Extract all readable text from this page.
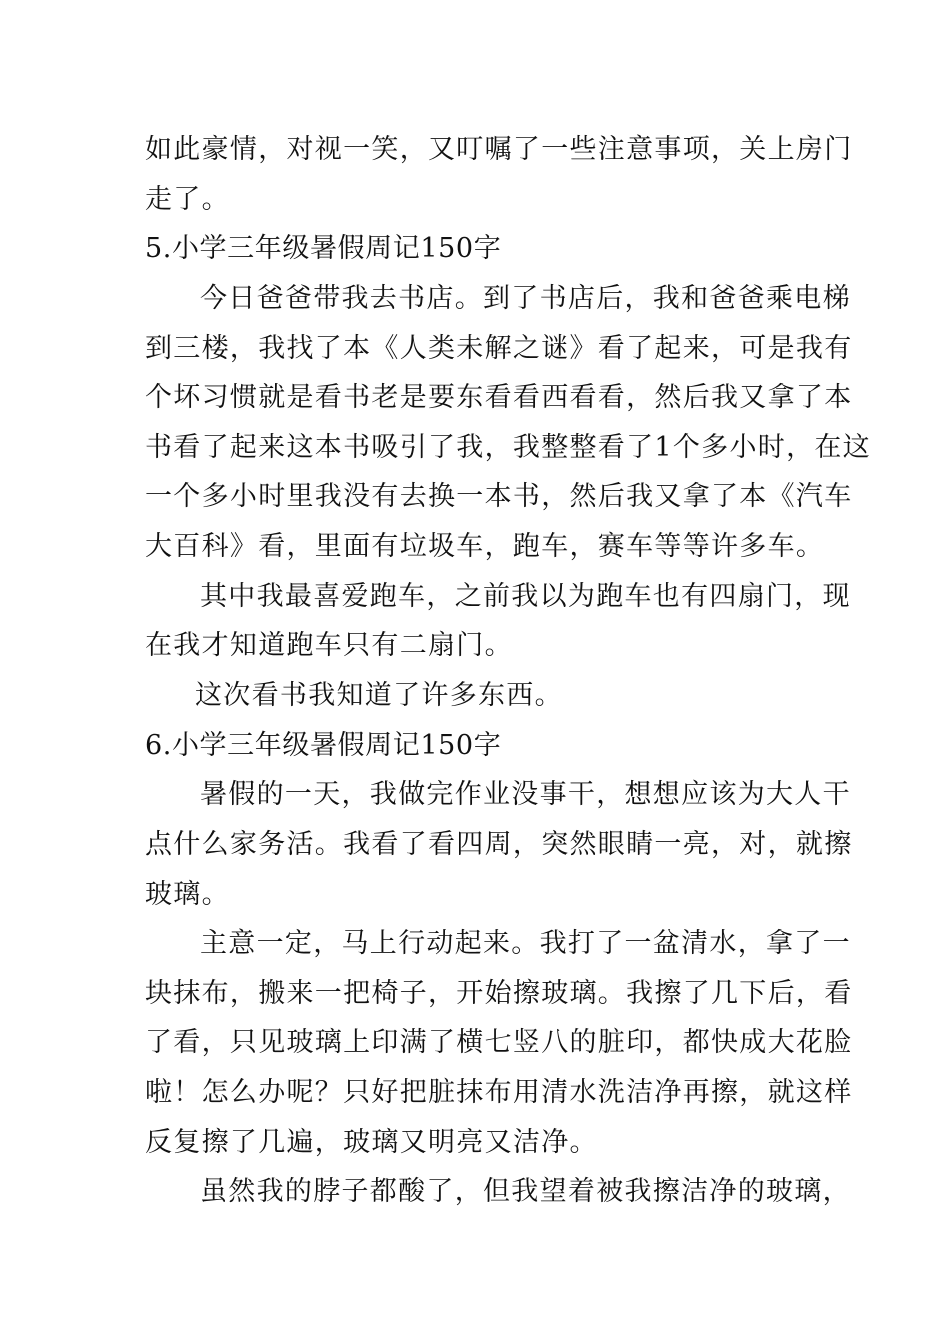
如此豪情，对视一笑，又叮嘱了一些注意事项，关上房门
走了。
5.小学三年级暑假周记150字
今日爸爸带我去书店。到了书店后，我和爸爸乘电梯
到三楼，我找了本《人类未解之谜》看了起来，可是我有
个坏习惯就是看书老是要东看看西看看，然后我又拿了本
书看了起来这本书吸引了我，我整整看了1个多小时，在这
一个多小时里我没有去换一本书，然后我又拿了本《汽车
大百科》看，里面有垃圾车，跑车，赛车等等许多车。
其中我最喜爱跑车，之前我以为跑车也有四扇门，现
在我才知道跑车只有二扇门。
这次看书我知道了许多东西。
6.小学三年级暑假周记150字
暑假的一天，我做完作业没事干，想想应该为大人干
点什么家务活。我看了看四周，突然眼睛一亮，对，就擦
玻璃。
主意一定，马上行动起来。我打了一盆清水，拿了一
块抹布，搬来一把椅子，开始擦玻璃。我擦了几下后，看
了看，只见玻璃上印满了横七竖八的脏印，都快成大花脸
啦！怎么办呢？只好把脏抹布用清水洗洁净再擦，就这样
反复擦了几遍，玻璃又明亮又洁净。
虽然我的脖子都酸了，但我望着被我擦洁净的玻璃，
